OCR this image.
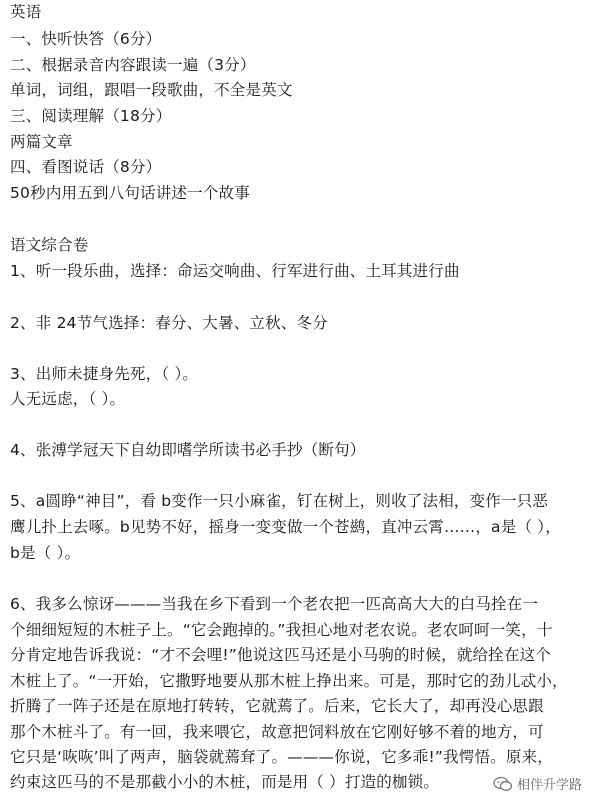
英语
一、快听快答（6分）
二、根据录音内容跟读一遍（3分）
单词，词组，跟唱一段歌曲，不全是英文
三、阅读理解（18分）
两篇文章
四、看图说话（8分）
50秒内用五到八句话讲述一个故事
语文综合卷
1、听一段乐曲，选择：命运交响曲、行军进行曲、土耳其进行曲
2、非 24节气选择：春分、大暑、立秋、冬分
3、出师未捷身先死，（ ）。
人无远虑，（ ）。
4、张溥学冠天下自幼即嗜学所读书必手抄（断句）
5、a圆睁“神目”，看 b变作一只小麻雀，钉在树上，则收了法相，变作一只恶
鹰儿扑上去啄。b见势不好，摇身一变变做一个苍鹚，直冲云霄……，a是（ ），
b是（ ）。
6、我多么惊讶———当我在乡下看到一个老农把一匹高高大大的白马拴在一
个细细短短的木桩子上。“它会跑掉的。”我担心地对老农说。老农呵呵一笑，十
分肯定地告诉我说：“才不会哩!”他说这匹马还是小马驹的时候，就给拴在这个
木桩上了。“一开始，它撒野地要从那木桩上挣出来。可是，那时它的劲儿忒小，
折腾了一阵子还是在原地打转转，它就蔫了。后来，它长大了，却再没心思跟
那个木桩斗了。有一回，我来喂它，故意把饲料放在它刚好够不着的地方，可
它只是‘咴咴’叫了两声，脑袋就蔫耷了。———你说，它多乖!”我愕悟。原来，
约束这匹马的不是那截小小的木桩，而是用（ ）打造的枷锁。	相伴升学路
